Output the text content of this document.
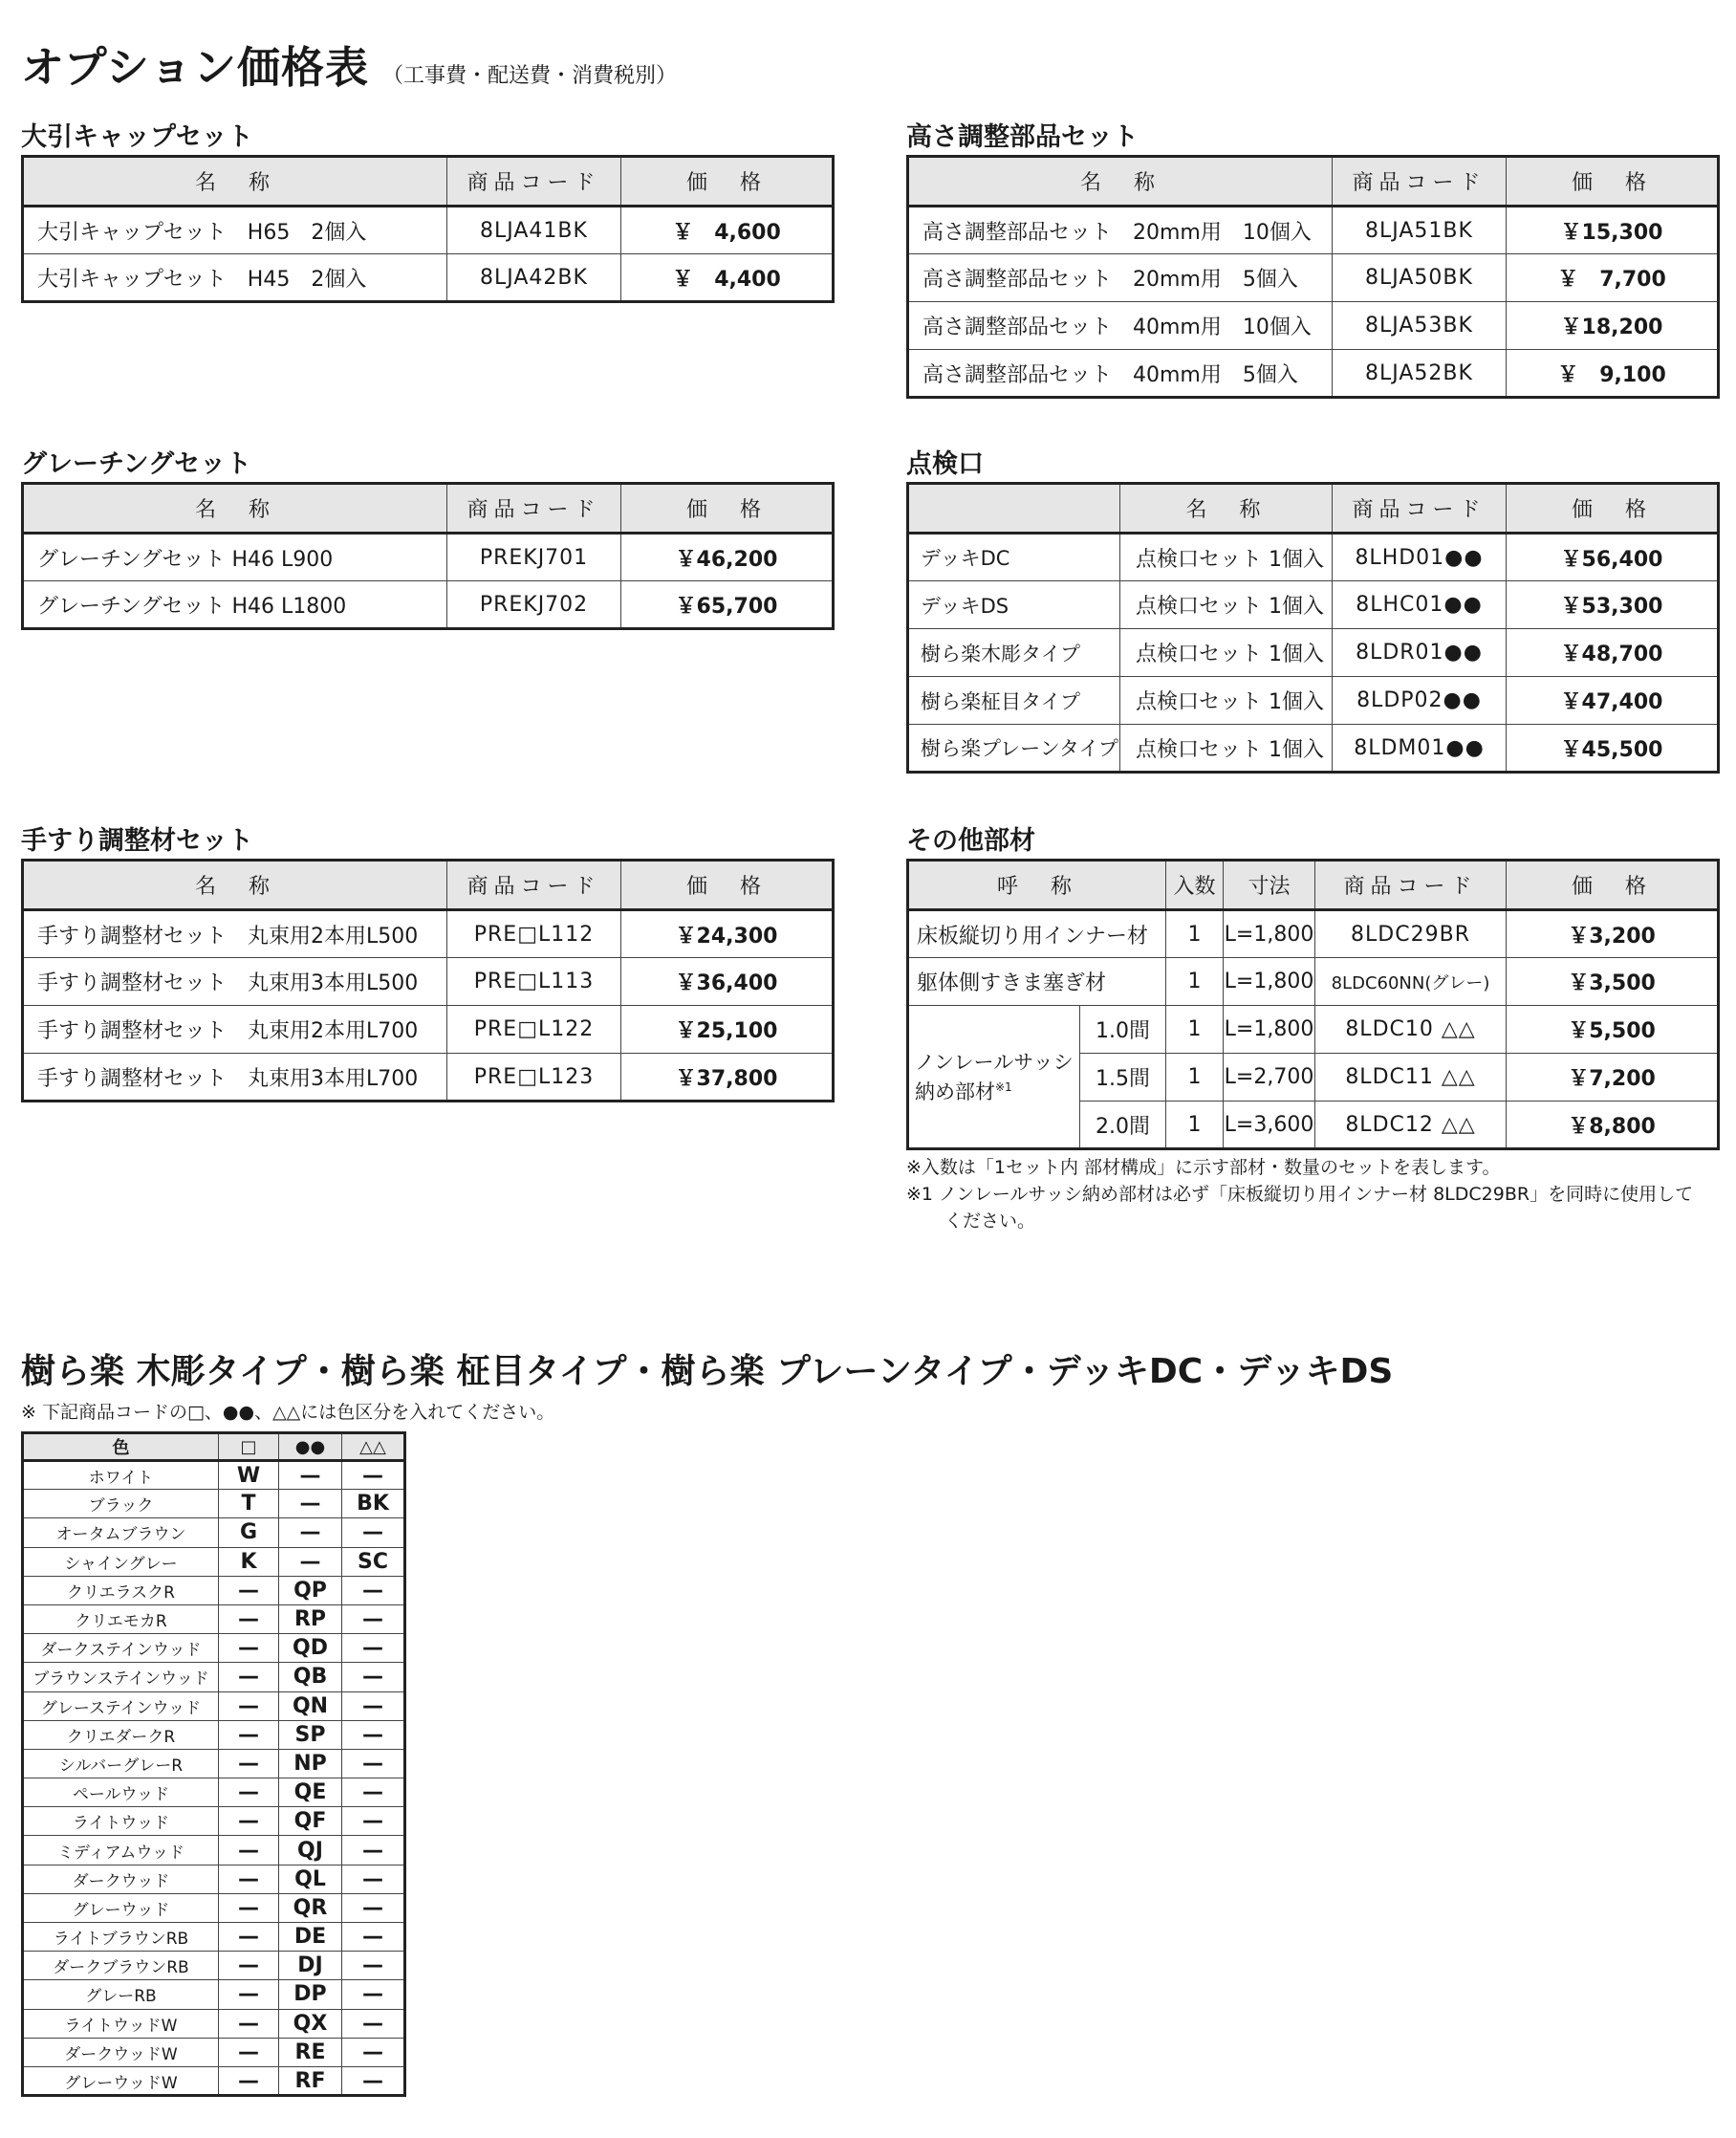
オプション価格表 （工事費・配送費・消費税別）
大引キャップセット
名　称	商品コード	価　格
大引キャップセット　H65　2個入	8LJA41BK	￥　4,600
大引キャップセット　H45　2個入	8LJA42BK	￥　4,400
高さ調整部品セット
名　称	商品コード	価　格
高さ調整部品セット　20mm用　10個入	8LJA51BK	￥15,300
高さ調整部品セット　20mm用　5個入	8LJA50BK	￥　7,700
高さ調整部品セット　40mm用　10個入	8LJA53BK	￥18,200
高さ調整部品セット　40mm用　5個入	8LJA52BK	￥　9,100
グレーチングセット
名　称	商品コード	価　格
グレーチングセット H46 L900	PREKJ701	￥46,200
グレーチングセット H46 L1800	PREKJ702	￥65,700
点検口
	名　称	商品コード	価　格
デッキDC	点検口セット 1個入	8LHD01●●	￥56,400
デッキDS	点検口セット 1個入	8LHC01●●	￥53,300
樹ら楽木彫タイプ	点検口セット 1個入	8LDR01●●	￥48,700
樹ら楽柾目タイプ	点検口セット 1個入	8LDP02●●	￥47,400
樹ら楽プレーンタイプ	点検口セット 1個入	8LDM01●●	￥45,500
手すり調整材セット
名　称	商品コード	価　格
手すり調整材セット　丸束用2本用L500	PRE□L112	￥24,300
手すり調整材セット　丸束用3本用L500	PRE□L113	￥36,400
手すり調整材セット　丸束用2本用L700	PRE□L122	￥25,100
手すり調整材セット　丸束用3本用L700	PRE□L123	￥37,800
その他部材
呼　称		入数	寸法	商品コード	価　格
床板縦切り用インナー材		1	L=1,800	8LDC29BR	￥3,200
躯体側すきま塞ぎ材		1	L=1,800	8LDC60NN(グレー)	￥3,500
ノンレールサッシ納め部材$^{※1}$	1.0間	1	L=1,800	8LDC10 △△	￥5,500
	1.5間	1	L=2,700	8LDC11 △△	￥7,200
	2.0間	1	L=3,600	8LDC12 △△	￥8,800
※入数は「1セット内 部材構成」に示す部材・数量のセットを表します。
※1 ノンレールサッシ納め部材は必ず「床板縦切り用インナー材 8LDC29BR」を同時に使用して
ください。
樹ら楽 木彫タイプ・樹ら楽 柾目タイプ・樹ら楽 プレーンタイプ・デッキDC・デッキDS
※ 下記商品コードの□、●●、△△には色区分を入れてください。
色	□	●●	△△
ホワイト	W	—	—
ブラック	T	—	BK
オータムブラウン	G	—	—
シャイングレー	K	—	SC
クリエラスクR	—	QP	—
クリエモカR	—	RP	—
ダークステインウッド	—	QD	—
ブラウンステインウッド	—	QB	—
グレーステインウッド	—	QN	—
クリエダークR	—	SP	—
シルバーグレーR	—	NP	—
ペールウッド	—	QE	—
ライトウッド	—	QF	—
ミディアムウッド	—	QJ	—
ダークウッド	—	QL	—
グレーウッド	—	QR	—
ライトブラウンRB	—	DE	—
ダークブラウンRB	—	DJ	—
グレーRB	—	DP	—
ライトウッドW	—	QX	—
ダークウッドW	—	RE	—
グレーウッドW	—	RF	—
